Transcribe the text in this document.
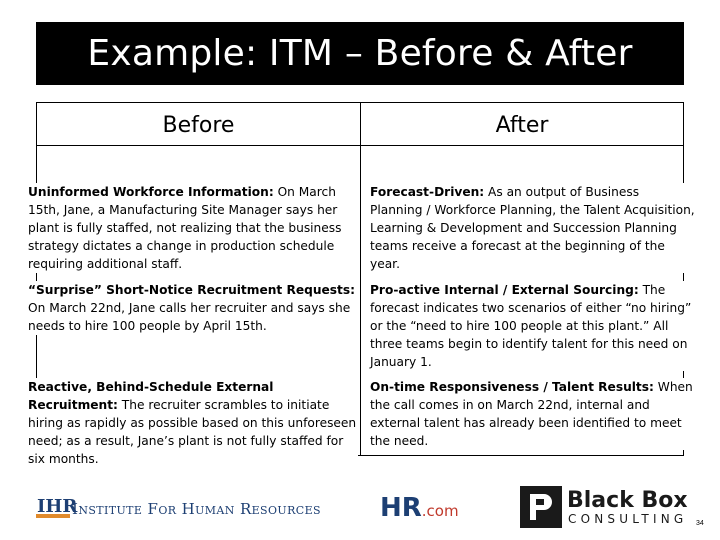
Example: ITM – Before & After
Before	After
Uninformed Workforce Information: On March 15th, Jane, a Manufacturing Site Manager says her plant is fully staffed, not realizing that the business strategy dictates a change in production schedule requiring additional staff.
Forecast-Driven: As an output of Business Planning / Workforce Planning, the Talent Acquisition, Learning & Development and Succession Planning teams receive a forecast at the beginning of the year.
“Surprise” Short-Notice Recruitment Requests: On March 22nd, Jane calls her recruiter and says she needs to hire 100 people by April 15th.
Pro-active Internal / External Sourcing: The forecast indicates two scenarios of either “no hiring” or the “need to hire 100 people at this plant.” All three teams begin to identify talent for this need on January 1.
Reactive, Behind-Schedule External Recruitment: The recruiter scrambles to initiate hiring as rapidly as possible based on this unforeseen need; as a result, Jane’s plant is not fully staffed for six months.
On-time Responsiveness / Talent Results: When the call comes in on March 22nd, internal and external talent has already been identified to meet the need.
IHR
Institute For Human Resources HR.com	Black Box
CONSULTING 34
